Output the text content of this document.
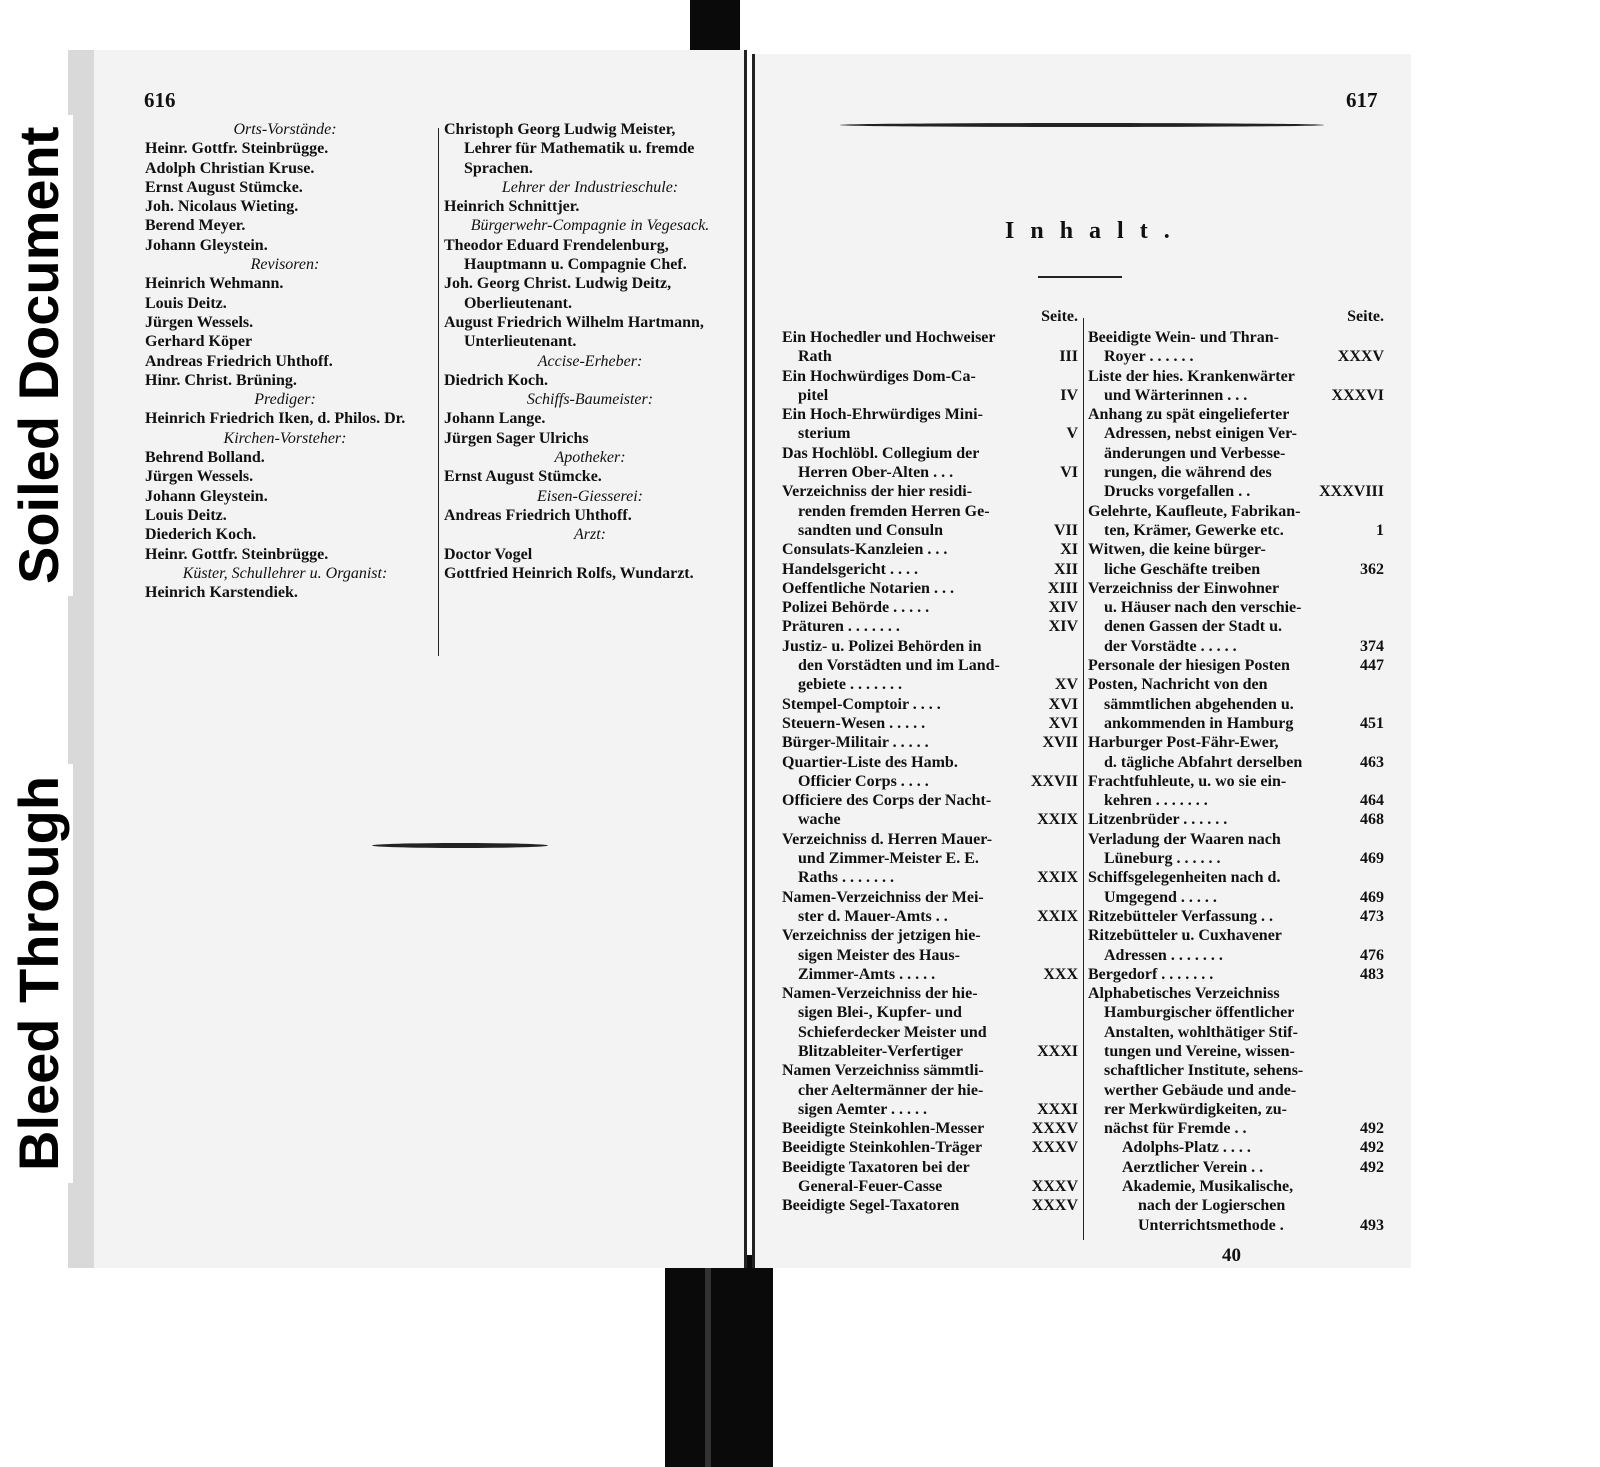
616
Orts-Vorstände:
Heinr. Gottfr. Steinbrügge.
Adolph Christian Kruse.
Ernst August Stümcke.
Joh. Nicolaus Wieting.
Berend Meyer.
Johann Gleystein.
Revisoren:
Heinrich Wehmann.
Louis Deitz.
Jürgen Wessels.
Gerhard Köper
Andreas Friedrich Uhthoff.
Hinr. Christ. Brüning.
Prediger:
Heinrich Friedrich Iken, d. Philos. Dr.
Kirchen-Vorsteher:
Behrend Bolland.
Jürgen Wessels.
Johann Gleystein.
Louis Deitz.
Diederich Koch.
Heinr. Gottfr. Steinbrügge.
Küster, Schullehrer u. Organist:
Heinrich Karstendiek.
Christoph Georg Ludwig Meister,
Lehrer für Mathematik u. fremde
Sprachen.
Lehrer der Industrieschule:
Heinrich Schnittjer.
Bürgerwehr-Compagnie in Vegesack.
Theodor Eduard Frendelenburg,
Hauptmann u. Compagnie Chef.
Joh. Georg Christ. Ludwig Deitz,
Oberlieutenant.
August Friedrich Wilhelm Hartmann,
Unterlieutenant.
Accise-Erheber:
Diedrich Koch.
Schiffs-Baumeister:
Johann Lange.
Jürgen Sager Ulrichs
Apotheker:
Ernst August Stümcke.
Eisen-Giesserei:
Andreas Friedrich Uhthoff.
Arzt:
Doctor Vogel
Gottfried Heinrich Rolfs, Wundarzt.
617
Inhalt.
Seite.
Ein Hochedler und Hochweiser
Rath	III
Ein Hochwürdiges Dom-Ca-
pitel	IV
Ein Hoch-Ehrwürdiges Mini-
sterium	V
Das Hochlöbl. Collegium der
Herren Ober-Alten . . .	VI
Verzeichniss der hier residi-
renden fremden Herren Ge-
sandten und Consuln	VII
Consulats-Kanzleien . . .	XI
Handelsgericht . . . .	XII
Oeffentliche Notarien . . .	XIII
Polizei Behörde . . . . .	XIV
Präturen . . . . . . .	XIV
Justiz- u. Polizei Behörden in
den Vorstädten und im Land-
gebiete . . . . . . .	XV
Stempel-Comptoir . . . .	XVI
Steuern-Wesen . . . . .	XVI
Bürger-Militair . . . . .	XVII
Quartier-Liste des Hamb.
Officier Corps . . . .	XXVII
Officiere des Corps der Nacht-
wache	XXIX
Verzeichniss d. Herren Mauer-
und Zimmer-Meister E. E.
Raths . . . . . . .	XXIX
Namen-Verzeichniss der Mei-
ster d. Mauer-Amts . .	XXIX
Verzeichniss der jetzigen hie-
sigen Meister des Haus-
Zimmer-Amts . . . . .	XXX
Namen-Verzeichniss der hie-
sigen Blei-, Kupfer- und
Schieferdecker Meister und
Blitzableiter-Verfertiger	XXXI
Namen Verzeichniss sämmtli-
cher Aeltermänner der hie-
sigen Aemter . . . . .	XXXI
Beeidigte Steinkohlen-Messer	XXXV
Beeidigte Steinkohlen-Träger	XXXV
Beeidigte Taxatoren bei der
General-Feuer-Casse	XXXV
Beeidigte Segel-Taxatoren	XXXV
Seite.
Beeidigte Wein- und Thran-
Royer . . . . . .	XXXV
Liste der hies. Krankenwärter
und Wärterinnen . . .	XXXVI
Anhang zu spät eingelieferter
Adressen, nebst einigen Ver-
änderungen und Verbesse-
rungen, die während des
Drucks vorgefallen . .	XXXVIII
Gelehrte, Kaufleute, Fabrikan-
ten, Krämer, Gewerke etc.	1
Witwen, die keine bürger-
liche Geschäfte treiben	362
Verzeichniss der Einwohner
u. Häuser nach den verschie-
denen Gassen der Stadt u.
der Vorstädte . . . . .	374
Personale der hiesigen Posten	447
Posten, Nachricht von den
sämmtlichen abgehenden u.
ankommenden in Hamburg	451
Harburger Post-Fähr-Ewer,
d. tägliche Abfahrt derselben	463
Frachtfuhleute, u. wo sie ein-
kehren . . . . . . .	464
Litzenbrüder . . . . . .	468
Verladung der Waaren nach
Lüneburg . . . . . .	469
Schiffsgelegenheiten nach d.
Umgegend . . . . .	469
Ritzebütteler Verfassung . .	473
Ritzebütteler u. Cuxhavener
Adressen . . . . . . .	476
Bergedorf . . . . . . .	483
Alphabetisches Verzeichniss
Hamburgischer öffentlicher
Anstalten, wohlthätiger Stif-
tungen und Vereine, wissen-
schaftlicher Institute, sehens-
werther Gebäude und ande-
rer Merkwürdigkeiten, zu-
nächst für Fremde . .	492
Adolphs-Platz . . . .	492
Aerztlicher Verein . .	492
Akademie, Musikalische,
nach der Logierschen
Unterrichtsmethode .	493
40
Soiled Document
Bleed Through
